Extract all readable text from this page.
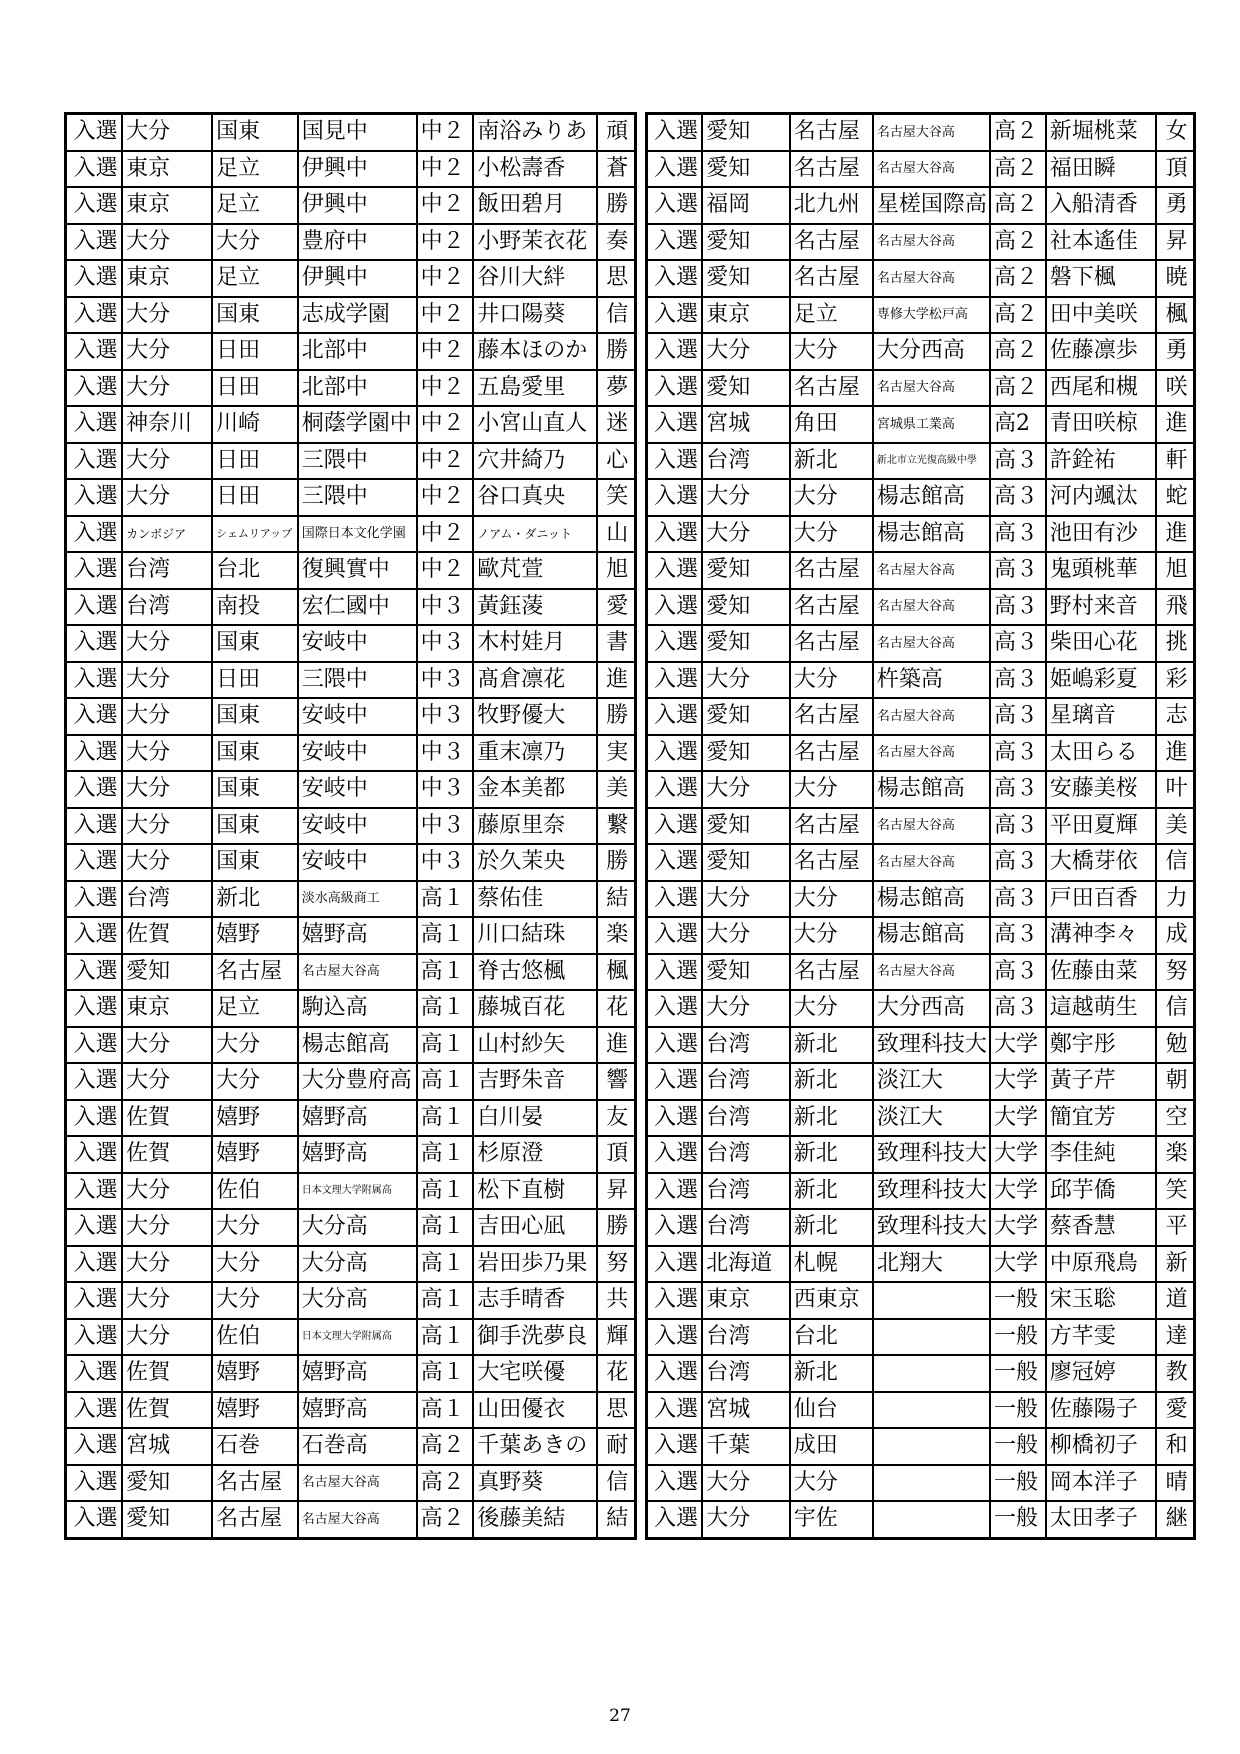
入選	大分	国東	国見中	中２	南浴みりあ	頑
入選	東京	足立	伊興中	中２	小松壽香	蒼
入選	東京	足立	伊興中	中２	飯田碧月	勝
入選	大分	大分	豊府中	中２	小野茉衣花	奏
入選	東京	足立	伊興中	中２	谷川大絆	思
入選	大分	国東	志成学園	中２	井口陽葵	信
入選	大分	日田	北部中	中２	藤本ほのか	勝
入選	大分	日田	北部中	中２	五島愛里	夢
入選	神奈川	川崎	桐蔭学園中	中２	小宮山直人	迷
入選	大分	日田	三隈中	中２	穴井綺乃	心
入選	大分	日田	三隈中	中２	谷口真央	笑
入選	カンボジア	シェムリアップ	国際日本文化学園	中２	ノアム・ダニット	山
入選	台湾	台北	復興實中	中２	歐芃萱	旭
入選	台湾	南投	宏仁國中	中３	黃鈺蓤	愛
入選	大分	国東	安岐中	中３	木村娃月	書
入選	大分	日田	三隈中	中３	髙倉凛花	進
入選	大分	国東	安岐中	中３	牧野優大	勝
入選	大分	国東	安岐中	中３	重末凛乃	実
入選	大分	国東	安岐中	中３	金本美都	美
入選	大分	国東	安岐中	中３	藤原里奈	繋
入選	大分	国東	安岐中	中３	於久茉央	勝
入選	台湾	新北	淡水高級商工	高１	蔡佑佳	結
入選	佐賀	嬉野	嬉野高	高１	川口結珠	楽
入選	愛知	名古屋	名古屋大谷高	高１	脊古悠楓	楓
入選	東京	足立	駒込高	高１	藤城百花	花
入選	大分	大分	楊志館高	高１	山村紗矢	進
入選	大分	大分	大分豊府高	高１	吉野朱音	響
入選	佐賀	嬉野	嬉野高	高１	白川晏	友
入選	佐賀	嬉野	嬉野高	高１	杉原澄	頂
入選	大分	佐伯	日本文理大学附属高	高１	松下直樹	昇
入選	大分	大分	大分高	高１	吉田心凪	勝
入選	大分	大分	大分高	高１	岩田歩乃果	努
入選	大分	大分	大分高	高１	志手晴香	共
入選	大分	佐伯	日本文理大学附属高	高１	御手洗夢良	輝
入選	佐賀	嬉野	嬉野高	高１	大宅咲優	花
入選	佐賀	嬉野	嬉野高	高１	山田優衣	思
入選	宮城	石巻	石巻高	高２	千葉あきの	耐
入選	愛知	名古屋	名古屋大谷高	高２	真野葵	信
入選	愛知	名古屋	名古屋大谷高	高２	後藤美結	結
入選	愛知	名古屋	名古屋大谷高	高２	新堀桃菜	女
入選	愛知	名古屋	名古屋大谷高	高２	福田瞬	頂
入選	福岡	北九州	星槎国際高	高２	入船清香	勇
入選	愛知	名古屋	名古屋大谷高	高２	社本遙佳	昇
入選	愛知	名古屋	名古屋大谷高	高２	磐下楓	暁
入選	東京	足立	専修大学松戸高	高２	田中美咲	楓
入選	大分	大分	大分西高	高２	佐藤凛歩	勇
入選	愛知	名古屋	名古屋大谷高	高２	西尾和槻	咲
入選	宮城	角田	宮城県工業高	高2	青田咲椋	進
入選	台湾	新北	新北市立光復高級中學	高３	許銓祐	軒
入選	大分	大分	楊志館高	高３	河内颯汰	蛇
入選	大分	大分	楊志館高	高３	池田有沙	進
入選	愛知	名古屋	名古屋大谷高	高３	鬼頭桃華	旭
入選	愛知	名古屋	名古屋大谷高	高３	野村来音	飛
入選	愛知	名古屋	名古屋大谷高	高３	柴田心花	挑
入選	大分	大分	杵築高	高３	姫嶋彩夏	彩
入選	愛知	名古屋	名古屋大谷高	高３	星璃音	志
入選	愛知	名古屋	名古屋大谷高	高３	太田らる	進
入選	大分	大分	楊志館高	高３	安藤美桜	叶
入選	愛知	名古屋	名古屋大谷高	高３	平田夏輝	美
入選	愛知	名古屋	名古屋大谷高	高３	大橋芽依	信
入選	大分	大分	楊志館高	高３	戸田百香	力
入選	大分	大分	楊志館高	高３	溝神李々	成
入選	愛知	名古屋	名古屋大谷高	高３	佐藤由菜	努
入選	大分	大分	大分西高	高３	這越萌生	信
入選	台湾	新北	致理科技大	大学	鄭宇彤	勉
入選	台湾	新北	淡江大	大学	黃子芹	朝
入選	台湾	新北	淡江大	大学	簡宜芳	空
入選	台湾	新北	致理科技大	大学	李佳純	楽
入選	台湾	新北	致理科技大	大学	邱芋僑	笑
入選	台湾	新北	致理科技大	大学	蔡香慧	平
入選	北海道	札幌	北翔大	大学	中原飛鳥	新
入選	東京	西東京		一般	宋玉聡	道
入選	台湾	台北		一般	方芊雯	達
入選	台湾	新北		一般	廖冠婷	教
入選	宮城	仙台		一般	佐藤陽子	愛
入選	千葉	成田		一般	柳橋初子	和
入選	大分	大分		一般	岡本洋子	晴
入選	大分	宇佐		一般	太田孝子	継
27
